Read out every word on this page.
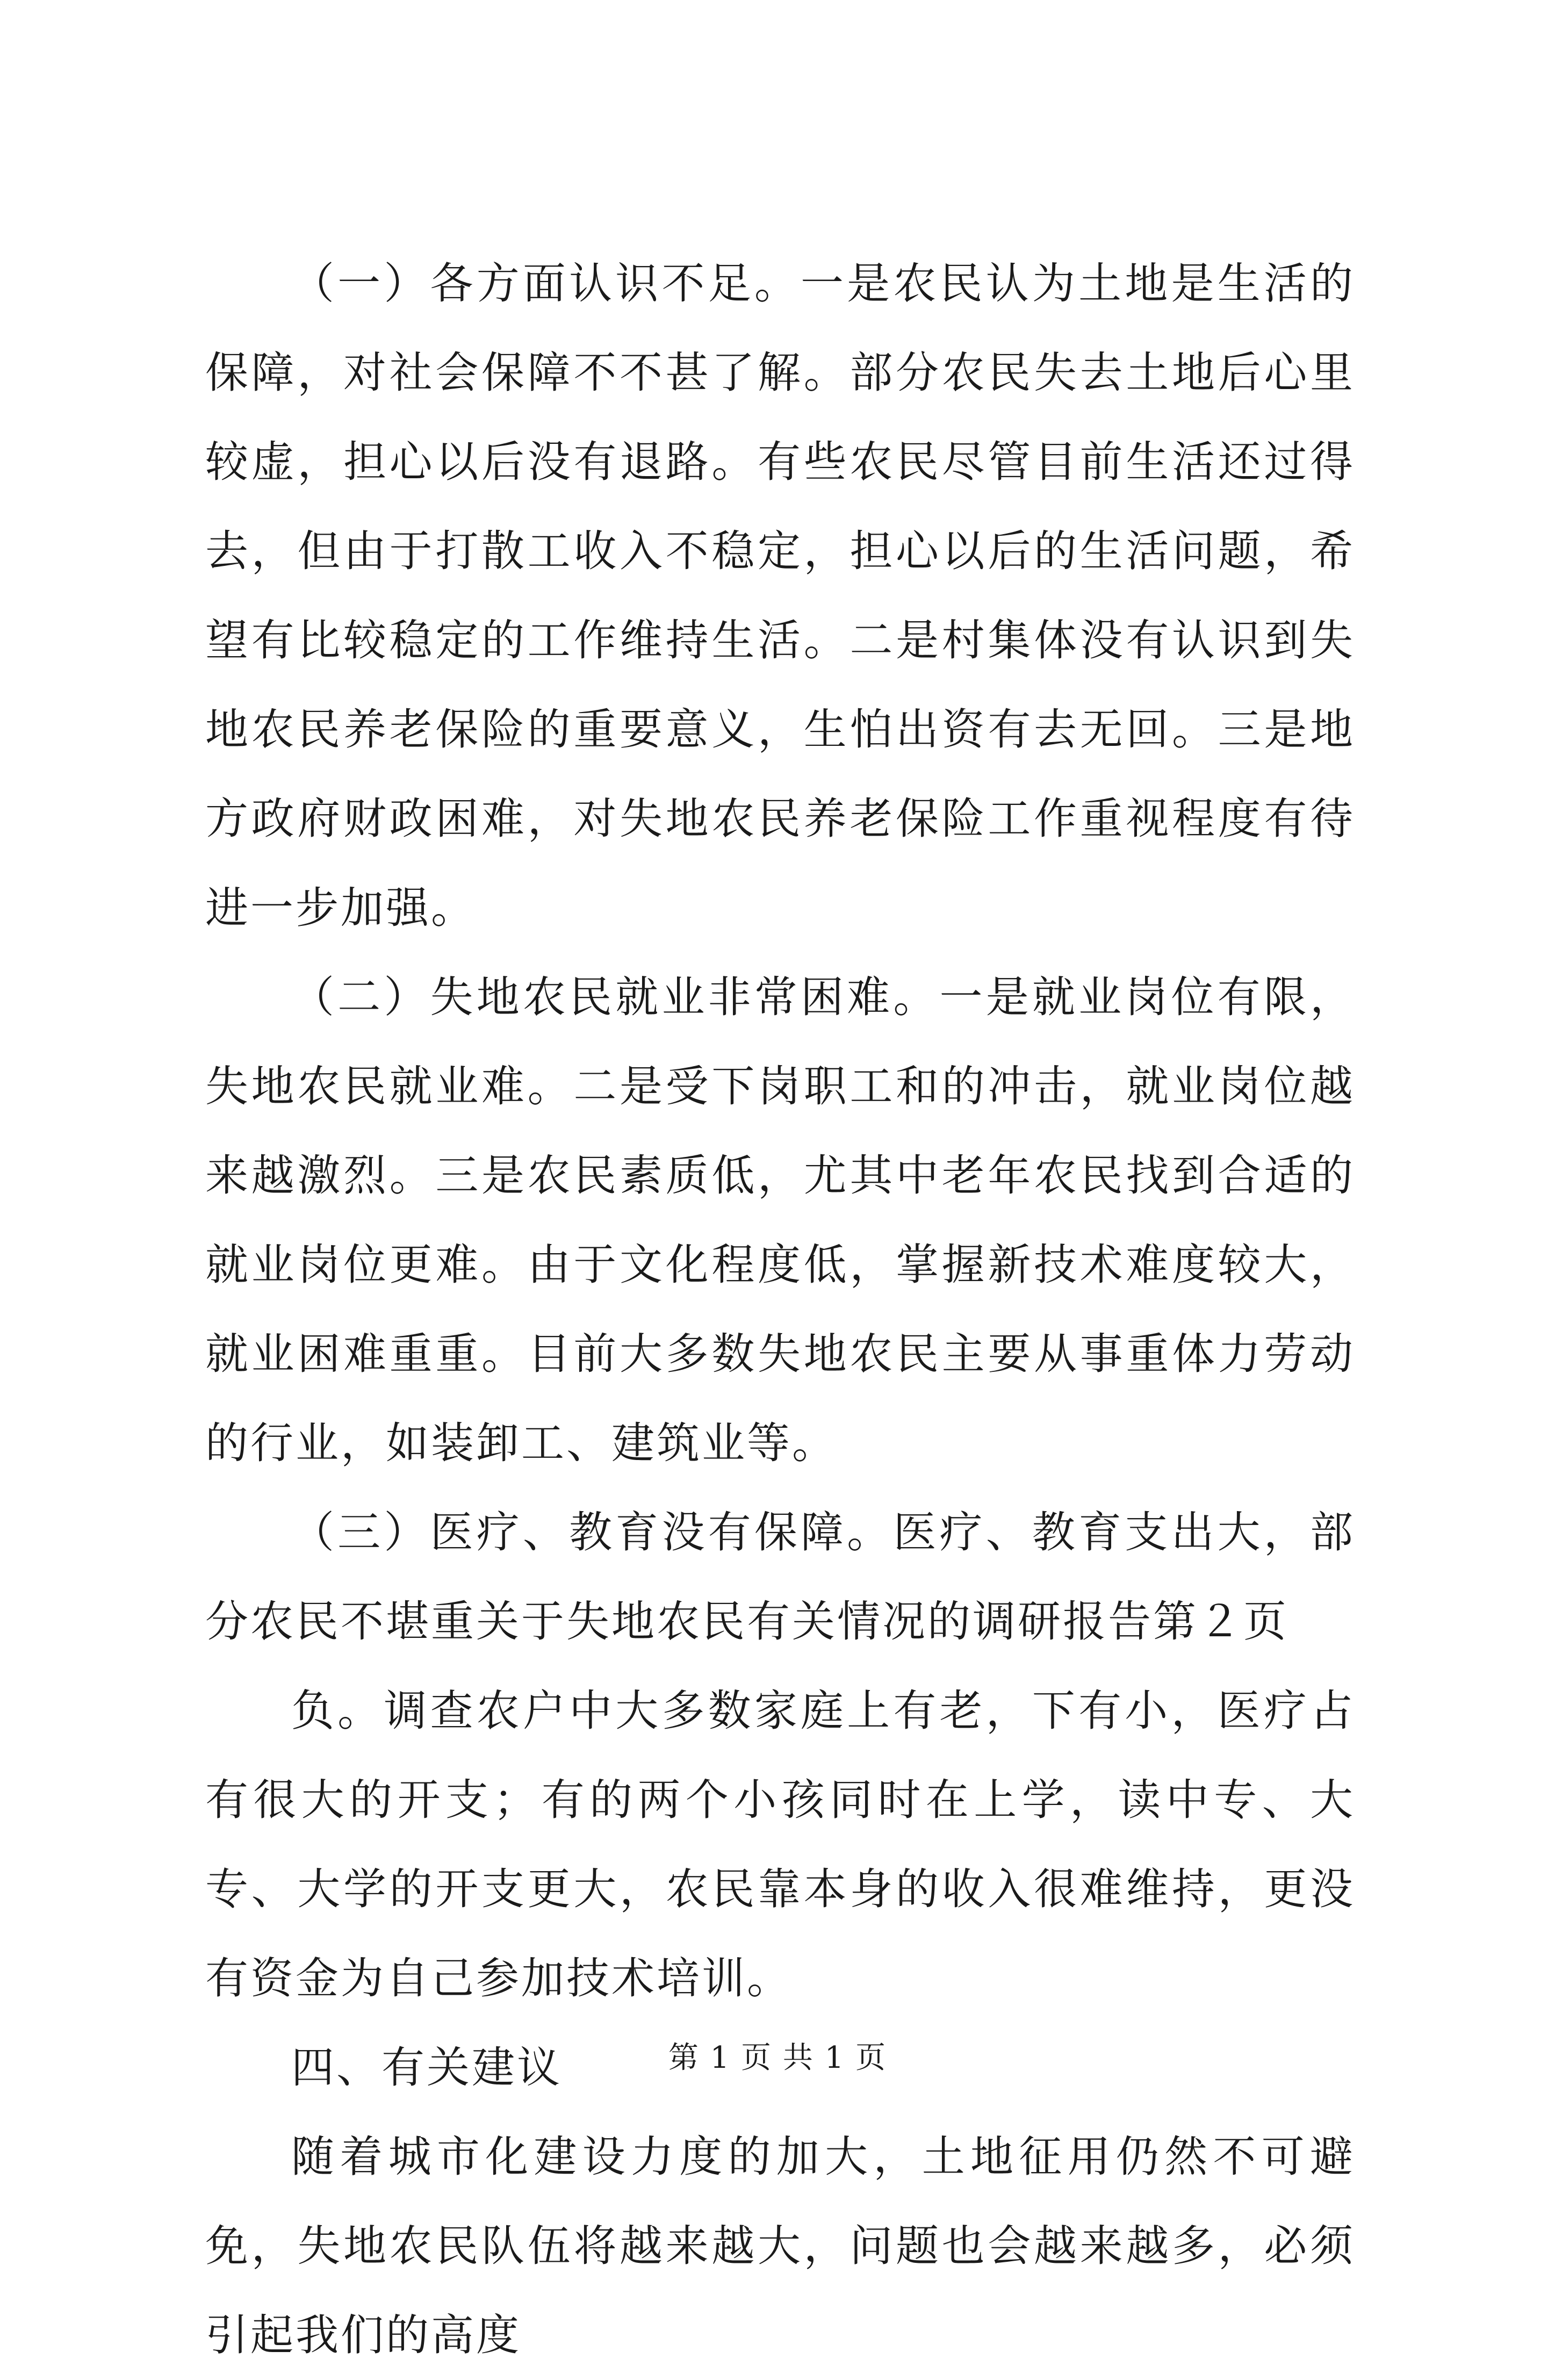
（一）各方面认识不足。一是农民认为土地是生活的保障，对社会保障不不甚了解。部分农民失去土地后心里较虚，担心以后没有退路。有些农民尽管目前生活还过得去，但由于打散工收入不稳定，担心以后的生活问题，希望有比较稳定的工作维持生活。二是村集体没有认识到失地农民养老保险的重要意义，生怕出资有去无回。三是地方政府财政困难，对失地农民养老保险工作重视程度有待进一步加强。

（二）失地农民就业非常困难。一是就业岗位有限，失地农民就业难。二是受下岗职工和的冲击，就业岗位越来越激烈。三是农民素质低，尤其中老年农民找到合适的就业岗位更难。由于文化程度低，掌握新技术难度较大，就业困难重重。目前大多数失地农民主要从事重体力劳动的行业，如装卸工、建筑业等。

（三）医疗、教育没有保障。医疗、教育支出大，部分农民不堪重关于失地农民有关情况的调研报告第２页

负。调查农户中大多数家庭上有老，下有小，医疗占有很大的开支；有的两个小孩同时在上学，读中专、大专、大学的开支更大，农民靠本身的收入很难维持，更没有资金为自己参加技术培训。

四、有关建议

随着城市化建设力度的加大，土地征用仍然不可避免，失地农民队伍将越来越大，问题也会越来越多，必须引起我们的高度

第 1 页 共 1 页
